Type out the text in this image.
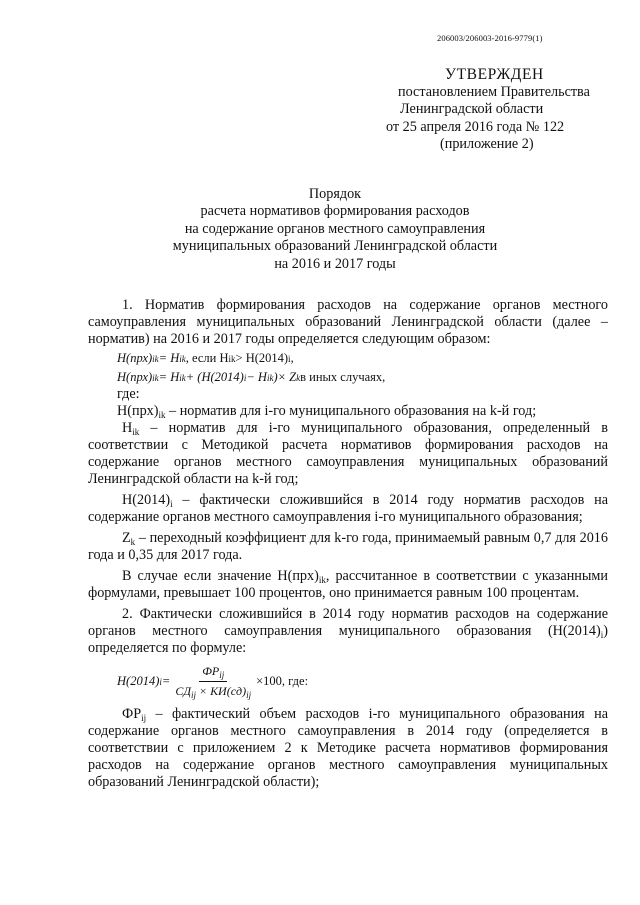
206003/206003-2016-9779(1)
УТВЕРЖДЕН
постановлением Правительства
Ленинградской области
от 25 апреля 2016 года № 122
(приложение 2)
Порядок
расчета нормативов формирования расходов
на содержание органов местного самоуправления
муниципальных образований Ленинградской области
на 2016 и 2017 годы

1. Норматив формирования расходов на содержание органов местного самоуправления муниципальных образований Ленинградской области (далее – норматив) на 2016 и 2017 годы определяется следующим образом:

H(прх) ik = H ik , если H ik > H(2014) i ,
H(прх) ik = H ik + (H(2014) i − H ik )× Z k в иных случаях,

где:

$H(прх)_{ik}$ – норматив для i-го муниципального образования на k-й год;

$H_{ik}$ – норматив для i-го муниципального образования, определенный в соответствии с Методикой расчета нормативов формирования расходов на содержание органов местного самоуправления муниципальных образований Ленинградской области на k-й год;

$H(2014)_i$ – фактически сложившийся в 2014 году норматив расходов на содержание органов местного самоуправления i-го муниципального образования;

$Z_k$ – переходный коэффициент для k-го года, принимаемый равным 0,7 для 2016 года и 0,35 для 2017 года.

В случае если значение $H(прх)_{ik}$, рассчитанное в соответствии с указанными формулами, превышает 100 процентов, оно принимается равным 100 процентам.

2. Фактически сложившийся в 2014 году норматив расходов на содержание органов местного самоуправления муниципального образования $(H(2014)_i)$ определяется по формуле:

H(2014) $i = \frac{ФP_{ij}}{СД_{ij} \times КИ(сд)_{ij}} \times 100$ , где:

$ФР_{ij}$ – фактический объем расходов i-го муниципального образования на содержание органов местного самоуправления в 2014 году (определяется в соответствии с приложением 2 к Методике расчета нормативов формирования расходов на содержание органов местного самоуправления муниципальных образований Ленинградской области);
